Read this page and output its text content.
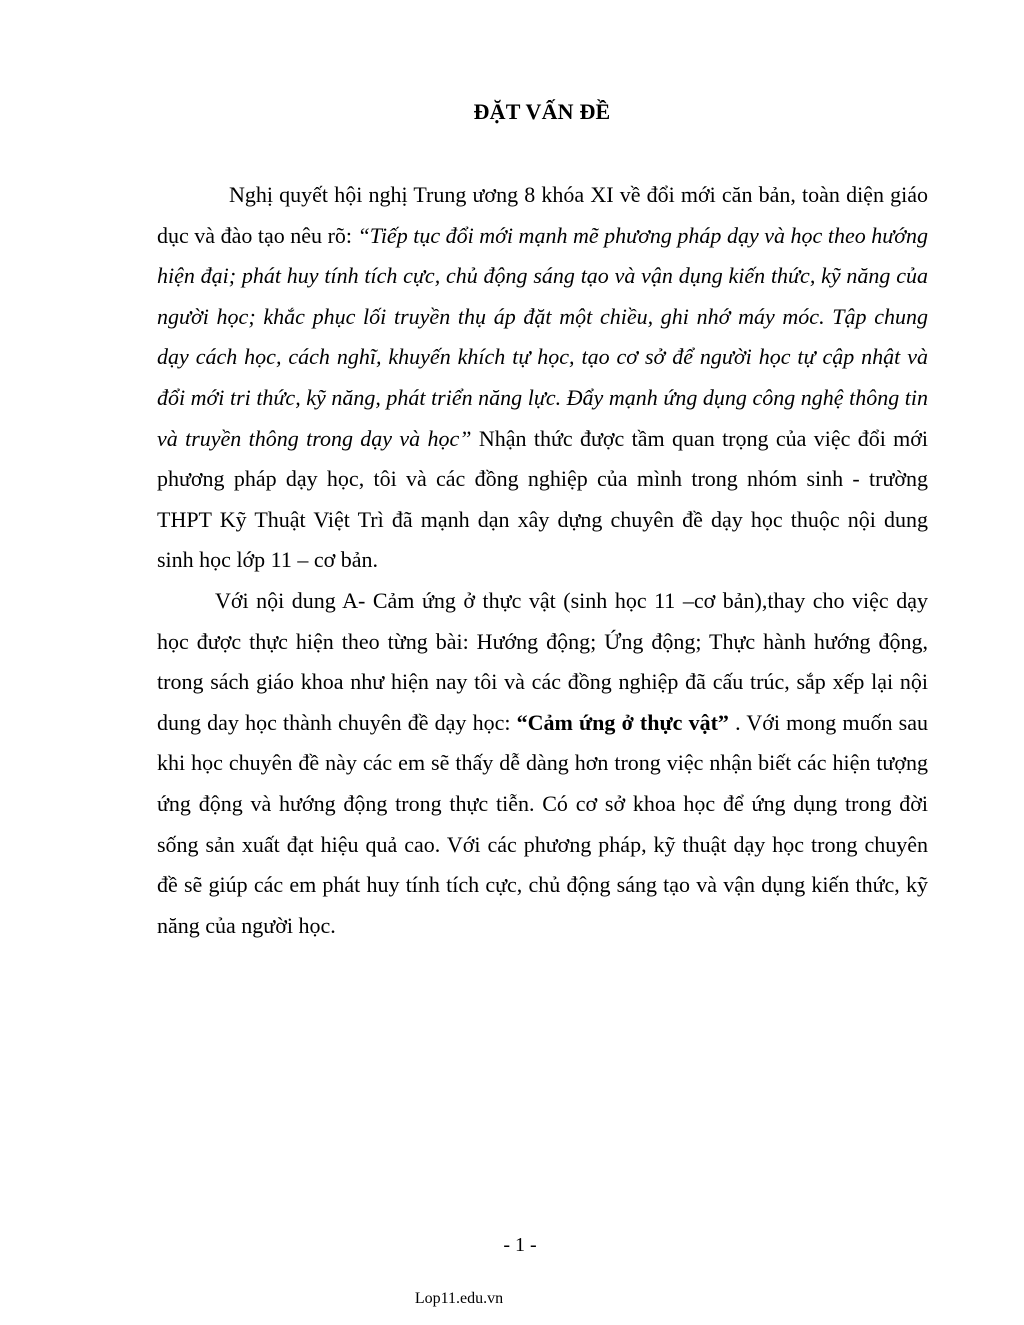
ĐẶT VẤN ĐỀ

Nghị quyết hội nghị Trung ương 8 khóa XI về đổi mới căn bản, toàn diện giáo dục và đào tạo nêu rõ: “Tiếp tục đổi mới mạnh mẽ phương pháp dạy và học theo hướng hiện đại; phát huy tính tích cực, chủ động sáng tạo và vận dụng kiến thức, kỹ năng của người học; khắc phục lối truyền thụ áp đặt một chiều, ghi nhớ máy móc. Tập chung dạy cách học, cách nghĩ, khuyến khích tự học, tạo cơ sở để người học tự cập nhật và đổi mới tri thức, kỹ năng, phát triển năng lực. Đẩy mạnh ứng dụng công nghệ thông tin và truyền thông trong dạy và học” Nhận thức được tầm quan trọng của việc đổi mới phương pháp dạy học, tôi và các đồng nghiệp của mình trong nhóm sinh - trường THPT Kỹ Thuật Việt Trì đã mạnh dạn xây dựng chuyên đề dạy học thuộc nội dung sinh học lớp 11 – cơ bản.

Với nội dung A- Cảm ứng ở thực vật (sinh học 11 –cơ bản),thay cho việc dạy học được thực hiện theo từng bài: Hướng động; Ứng động; Thực hành hướng động, trong sách giáo khoa như hiện nay tôi và các đồng nghiệp đã cấu trúc, sắp xếp lại nội dung day học thành chuyên đề dạy học: “Cảm ứng ở thực vật” . Với mong muốn sau khi học chuyên đề này các em sẽ thấy dễ dàng hơn trong việc nhận biết các hiện tượng ứng động và hướng động trong thực tiễn. Có cơ sở khoa học để ứng dụng trong đời sống sản xuất đạt hiệu quả cao. Với các phương pháp, kỹ thuật dạy học trong chuyên đề sẽ giúp các em phát huy tính tích cực, chủ động sáng tạo và vận dụng kiến thức, kỹ năng của người học.

- 1 -
Lop11.edu.vn
